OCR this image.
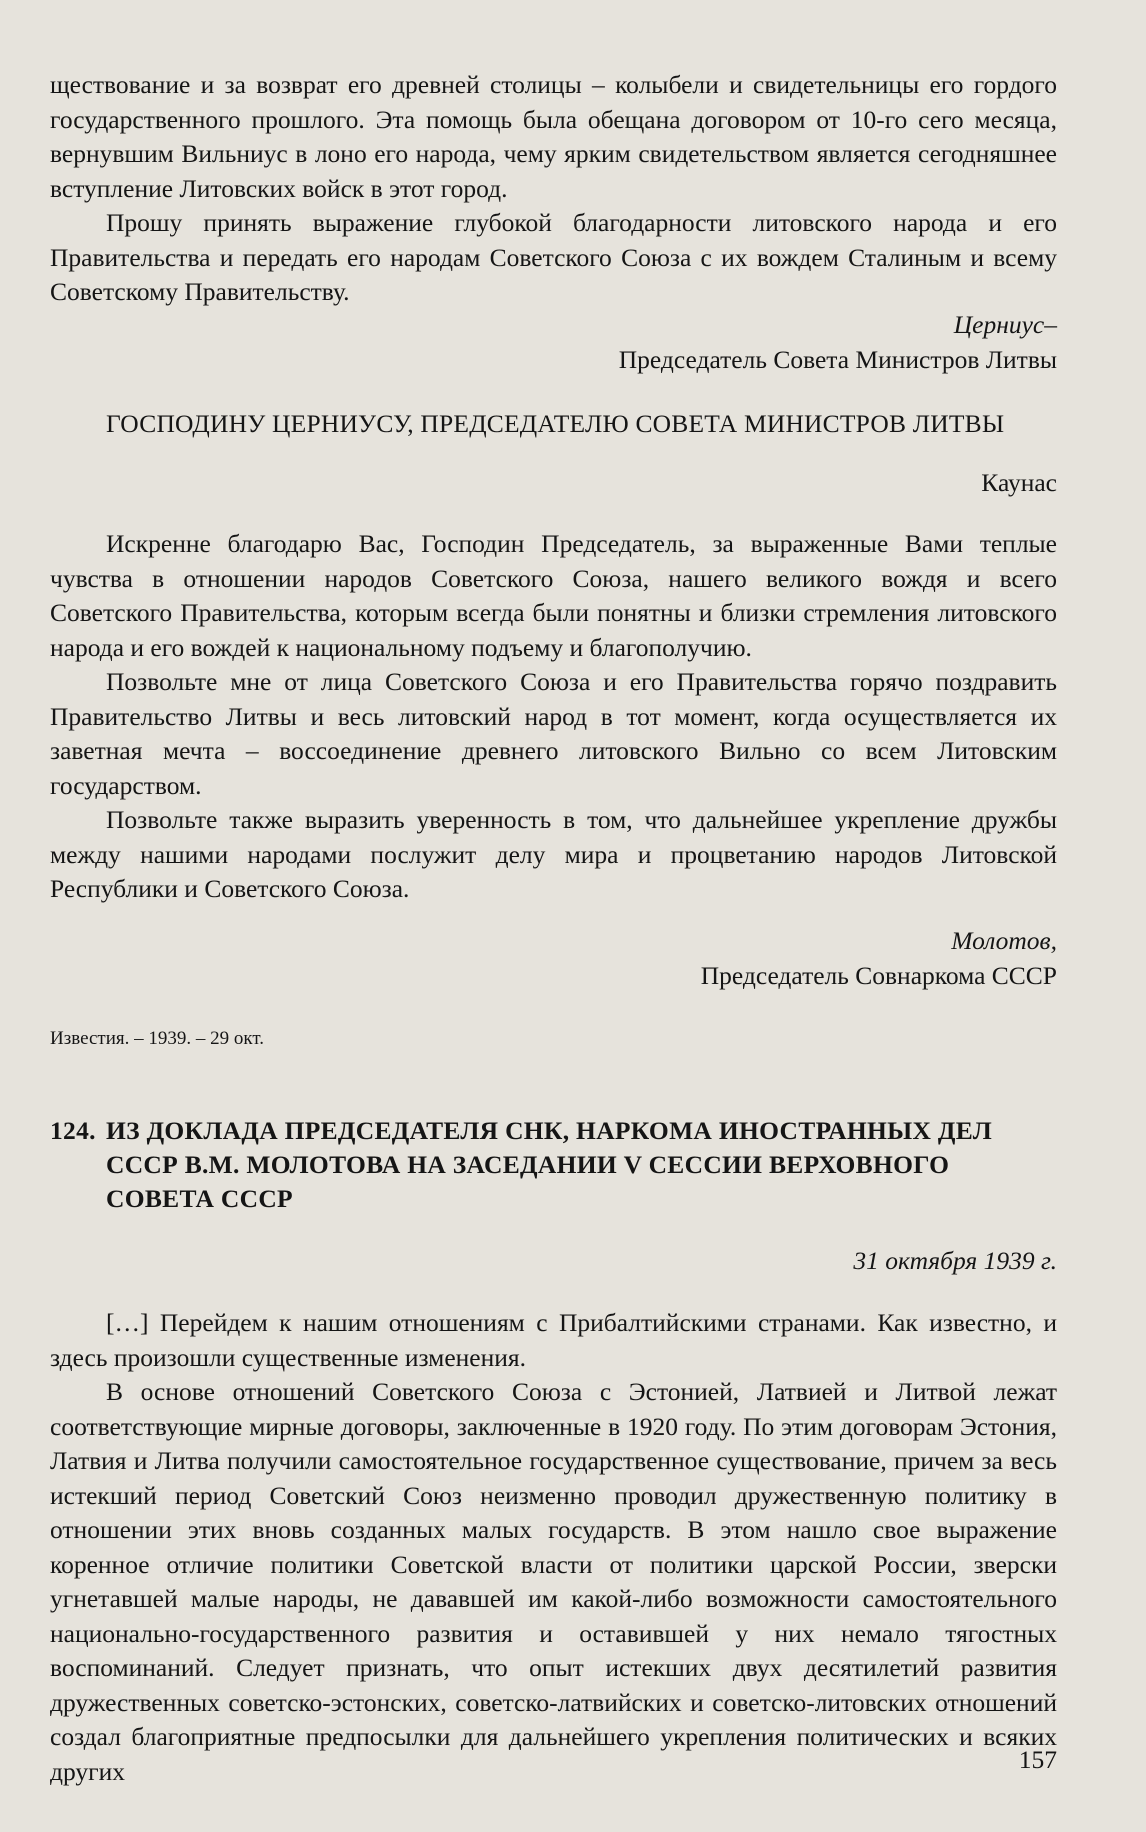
ществование и за возврат его древней столицы – колыбели и свидетельницы его гордого государственного прошлого. Эта помощь была обещана договором от 10-го сего месяца, вернувшим Вильниус в лоно его народа, чему ярким свидетельством является сегодняшнее вступление Литовских войск в этот город.

Прошу принять выражение глубокой благодарности литовского народа и его Правительства и передать его народам Советского Союза с их вождем Сталиным и всему Советскому Правительству.

Церниус–

Председатель Совета Министров Литвы

ГОСПОДИНУ ЦЕРНИУСУ, ПРЕДСЕДАТЕЛЮ СОВЕТА МИНИСТРОВ ЛИТВЫ

Каунас

Искренне благодарю Вас, Господин Председатель, за выраженные Вами теплые чувства в отношении народов Советского Союза, нашего великого вождя и всего Советского Правительства, которым всегда были понятны и близки стремления литовского народа и его вождей к национальному подъему и благополучию.

Позвольте мне от лица Советского Союза и его Правительства горячо поздравить Правительство Литвы и весь литовский народ в тот момент, когда осуществляется их заветная мечта – воссоединение древнего литовского Вильно со всем Литовским государством.

Позвольте также выразить уверенность в том, что дальнейшее укрепление дружбы между нашими народами послужит делу мира и процветанию народов Литовской Республики и Советского Союза.

Молотов,

Председатель Совнаркома СССР

Известия. – 1939. – 29 окт.

124. ИЗ ДОКЛАДА ПРЕДСЕДАТЕЛЯ СНК, НАРКОМА ИНОСТРАННЫХ ДЕЛ
СССР В.М. МОЛОТОВА НА ЗАСЕДАНИИ V СЕССИИ ВЕРХОВНОГО
СОВЕТА СССР

31 октября 1939 г.

[…] Перейдем к нашим отношениям с Прибалтийскими странами. Как известно, и здесь произошли существенные изменения.

В основе отношений Советского Союза с Эстонией, Латвией и Литвой лежат соответствующие мирные договоры, заключенные в 1920 году. По этим договорам Эстония, Латвия и Литва получили самостоятельное государственное существование, причем за весь истекший период Советский Союз неизменно проводил дружественную политику в отношении этих вновь созданных малых государств. В этом нашло свое выражение коренное отличие политики Советской власти от политики царской России, зверски угнетавшей малые народы, не дававшей им какой-либо возможности самостоятельного национально-государственного развития и оставившей у них немало тягостных воспоминаний. Следует признать, что опыт истекших двух десятилетий развития дружественных советско-эстонских, советско-латвийских и советско-литовских отношений создал благоприятные предпосылки для дальнейшего укрепления политических и всяких других	157
